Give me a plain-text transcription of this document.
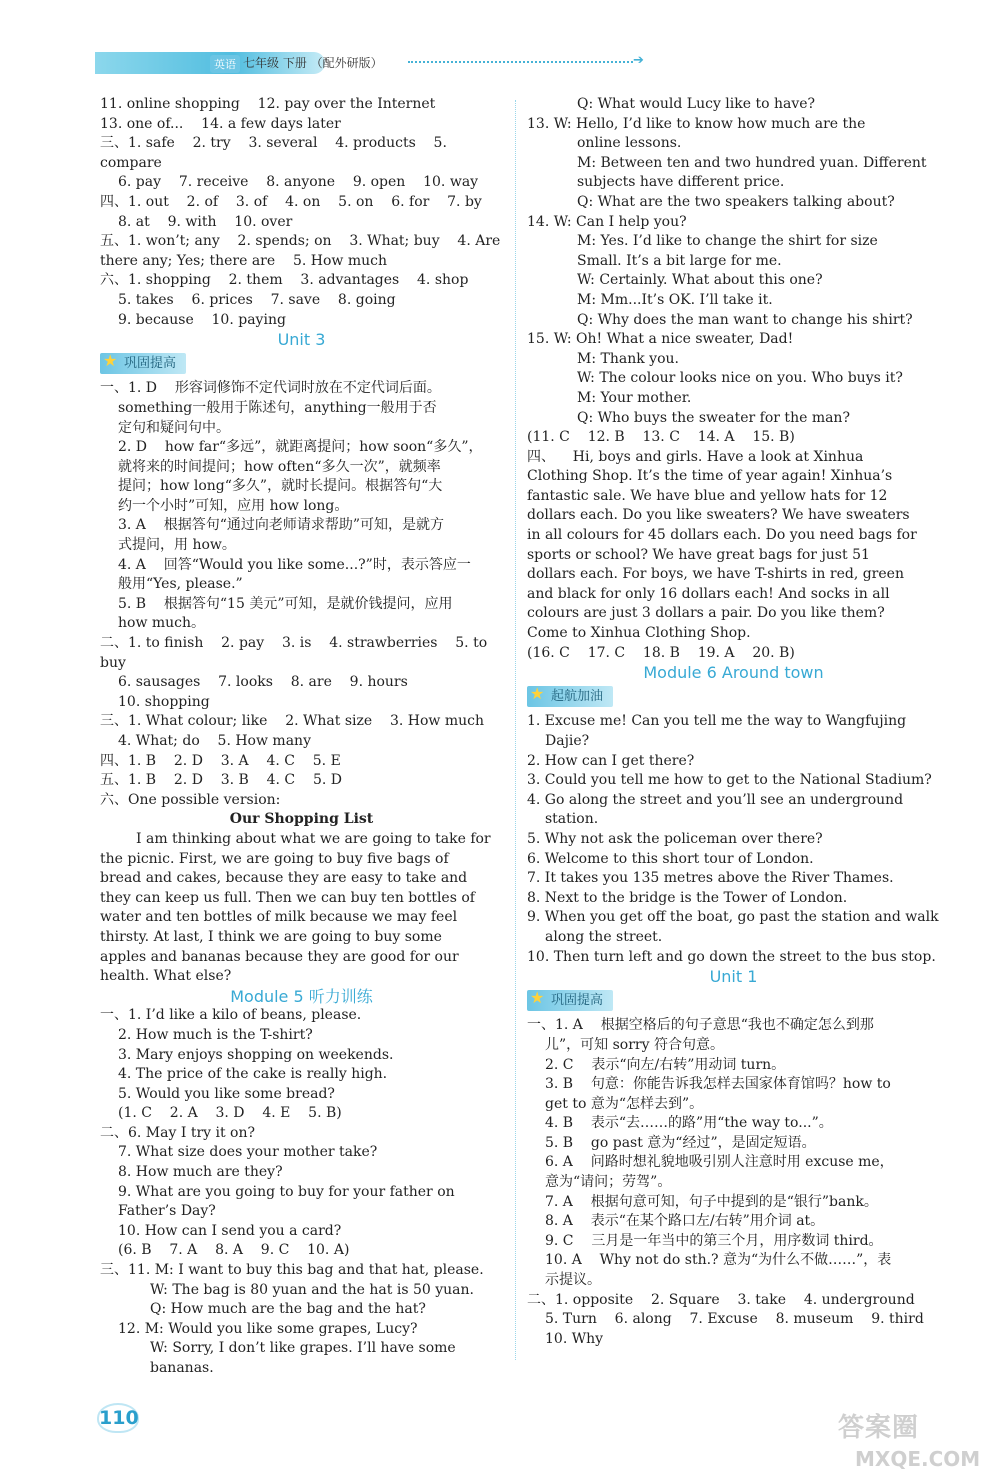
英语 七年级 下册 （配外研版）	➔

11. online shopping    12. pay over the Internet

13. one of...    14. a few days later

三、1. safe    2. try    3. several    4. products    5. compare

6. pay    7. receive    8. anyone    9. open    10. way

四、1. out    2. of    3. of    4. on    5. on    6. for    7. by

8. at    9. with    10. over

五、1. won’t; any    2. spends; on    3. What; buy    4. Are

there any; Yes; there are    5. How much

六、1. shopping    2. them    3. advantages    4. shop

5. takes    6. prices    7. save    8. going

9. because    10. paying

Unit 3

★ 巩固提高

一、1. D    形容词修饰不定代词时放在不定代词后面。

something一般用于陈述句，anything一般用于否

定句和疑问句中。

2. D    how far“多远”，就距离提问；how soon“多久”，

就将来的时间提问；how often“多久一次”，就频率

提问；how long“多久”，就时长提问。根据答句“大

约一个小时”可知，应用 how long。

3. A    根据答句“通过向老师请求帮助”可知，是就方

式提问，用 how。

4. A    回答“Would you like some...?”时，表示答应一

般用“Yes, please.”

5. B    根据答句“15 美元”可知，是就价钱提问，应用

how much。

二、1. to finish    2. pay    3. is    4. strawberries    5. to buy

6. sausages    7. looks    8. are    9. hours

10. shopping

三、1. What colour; like    2. What size    3. How much

4. What; do    5. How many

四、1. B    2. D    3. A    4. C    5. E

五、1. B    2. D    3. B    4. C    5. D

六、One possible version:

Our Shopping List

I am thinking about what we are going to take for

the picnic. First, we are going to buy five bags of

bread and cakes, because they are easy to take and

they can keep us full. Then we can buy ten bottles of

water and ten bottles of milk because we may feel

thirsty. At last, I think we are going to buy some

apples and bananas because they are good for our

health. What else?

Module 5 听力训练

一、1. I’d like a kilo of beans, please.

2. How much is the T-shirt?

3. Mary enjoys shopping on weekends.

4. The price of the cake is really high.

5. Would you like some bread?

(1. C    2. A    3. D    4. E    5. B)

二、6. May I try it on?

7. What size does your mother take?

8. How much are they?

9. What are you going to buy for your father on

Father’s Day?

10. How can I send you a card?

(6. B    7. A    8. A    9. C    10. A)

三、11. M: I want to buy this bag and that hat, please.

W: The bag is 80 yuan and the hat is 50 yuan.

Q: How much are the bag and the hat?

12. M: Would you like some grapes, Lucy?

W: Sorry, I don’t like grapes. I’ll have some

bananas.

Q: What would Lucy like to have?

13. W: Hello, I’d like to know how much are the

online lessons.

M: Between ten and two hundred yuan. Different

subjects have different price.

Q: What are the two speakers talking about?

14. W: Can I help you?

M: Yes. I’d like to change the shirt for size

Small. It’s a bit large for me.

W: Certainly. What about this one?

M: Mm...It’s OK. I’ll take it.

Q: Why does the man want to change his shirt?

15. W: Oh! What a nice sweater, Dad!

M: Thank you.

W: The colour looks nice on you. Who buys it?

M: Your mother.

Q: Who buys the sweater for the man?

(11. C    12. B    13. C    14. A    15. B)

四、    Hi, boys and girls. Have a look at Xinhua

Clothing Shop. It’s the time of year again! Xinhua’s

fantastic sale. We have blue and yellow hats for 12

dollars each. Do you like sweaters? We have sweaters

in all colours for 45 dollars each. Do you need bags for

sports or school? We have great bags for just 51

dollars each. For boys, we have T-shirts in red, green

and black for only 16 dollars each! And socks in all

colours are just 3 dollars a pair. Do you like them?

Come to Xinhua Clothing Shop.

(16. C    17. C    18. B    19. A    20. B)

Module 6 Around town

★ 起航加油

1. Excuse me! Can you tell me the way to Wangfujing

Dajie?

2. How can I get there?

3. Could you tell me how to get to the National Stadium?

4. Go along the street and you’ll see an underground

station.

5. Why not ask the policeman over there?

6. Welcome to this short tour of London.

7. It takes you 135 metres above the River Thames.

8. Next to the bridge is the Tower of London.

9. When you get off the boat, go past the station and walk

along the street.

10. Then turn left and go down the street to the bus stop.

Unit 1

★ 巩固提高

一、1. A    根据空格后的句子意思“我也不确定怎么到那

儿”，可知 sorry 符合句意。

2. C    表示“向左/右转”用动词 turn。

3. B    句意：你能告诉我怎样去国家体育馆吗？how to

get to 意为“怎样去到”。

4. B    表示“去……的路”用“the way to...”。

5. B    go past 意为“经过”，是固定短语。

6. A    问路时想礼貌地吸引别人注意时用 excuse me，

意为“请问；劳驾”。

7. A    根据句意可知，句子中提到的是“银行”bank。

8. A    表示“在某个路口左/右转”用介词 at。

9. C    三月是一年当中的第三个月，用序数词 third。

10. A    Why not do sth.? 意为“为什么不做……”，表

示提议。

二、1. opposite    2. Square    3. take    4. underground

5. Turn    6. along    7. Excuse    8. museum    9. third

10. Why

110	答案圈
MXQE.COM
